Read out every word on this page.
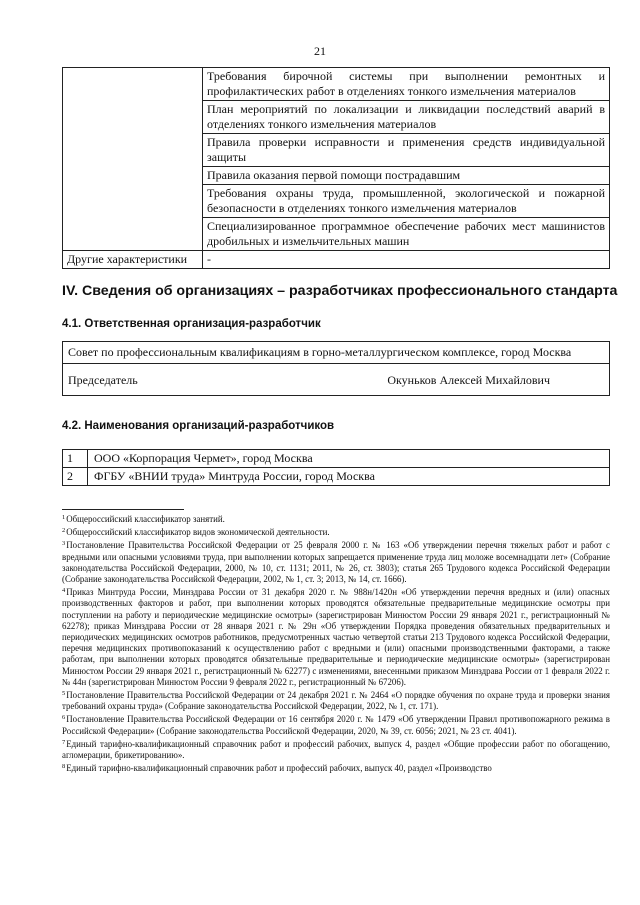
21
	Требования бирочной системы при выполнении ремонтных и профилактических работ в отделениях тонкого измельчения материалов
	План мероприятий по локализации и ликвидации последствий аварий в отделениях тонкого измельчения материалов
	Правила проверки исправности и применения средств индивидуальной защиты
	Правила оказания первой помощи пострадавшим
	Требования охраны труда, промышленной, экологической и пожарной безопасности в отделениях тонкого измельчения материалов
	Специализированное программное обеспечение рабочих мест машинистов дробильных и измельчительных машин
Другие характеристики	-
IV. Сведения об организациях – разработчиках профессионального стандарта
4.1. Ответственная организация-разработчик
Совет по профессиональным квалификациям в горно-металлургическом комплексе, город Москва

Председатель	Окуньков Алексей Михайлович
4.2. Наименования организаций-разработчиков
1	ООО «Корпорация Чермет», город Москва
2	ФГБУ «ВНИИ труда» Минтруда России, город Москва

$^1$Общероссийский классификатор занятий.

$^2$Общероссийский классификатор видов экономической деятельности.

$^3$Постановление Правительства Российской Федерации от 25 февраля 2000 г. № 163 «Об утверждении перечня тяжелых работ и работ с вредными или опасными условиями труда, при выполнении которых запрещается применение труда лиц моложе восемнадцати лет» (Собрание законодательства Российской Федерации, 2000, № 10, ст. 1131; 2011, № 26, ст. 3803); статья 265 Трудового кодекса Российской Федерации (Собрание законодательства Российской Федерации, 2002, № 1, ст. 3; 2013, № 14, ст. 1666).

$^4$Приказ Минтруда России, Минздрава России от 31 декабря 2020 г. № 988н/1420н «Об утверждении перечня вредных и (или) опасных производственных факторов и работ, при выполнении которых проводятся обязательные предварительные медицинские осмотры при поступлении на работу и периодические медицинские осмотры» (зарегистрирован Минюстом России 29 января 2021 г., регистрационный № 62278); приказ Минздрава России от 28 января 2021 г. № 29н «Об утверждении Порядка проведения обязательных предварительных и периодических медицинских осмотров работников, предусмотренных частью четвертой статьи 213 Трудового кодекса Российской Федерации, перечня медицинских противопоказаний к осуществлению работ с вредными и (или) опасными производственными факторами, а также работам, при выполнении которых проводятся обязательные предварительные и периодические медицинские осмотры» (зарегистрирован Минюстом России 29 января 2021 г., регистрационный № 62277) с изменениями, внесенными приказом Минздрава России от 1 февраля 2022 г. № 44н (зарегистрирован Минюстом России 9 февраля 2022 г., регистрационный № 67206).

$^5$Постановление Правительства Российской Федерации от 24 декабря 2021 г. № 2464 «О порядке обучения по охране труда и проверки знания требований охраны труда» (Собрание законодательства Российской Федерации, 2022, № 1, ст. 171).

$^6$Постановление Правительства Российской Федерации от 16 сентября 2020 г. № 1479 «Об утверждении Правил противопожарного режима в Российской Федерации» (Собрание законодательства Российской Федерации, 2020, № 39, ст. 6056; 2021, № 23 ст. 4041).

$^7$Единый тарифно-квалификационный справочник работ и профессий рабочих, выпуск 4, раздел «Общие профессии работ по обогащению, агломерации, брикетированию».

$^8$Единый тарифно-квалификационный справочник работ и профессий рабочих, выпуск 40, раздел «Производство
